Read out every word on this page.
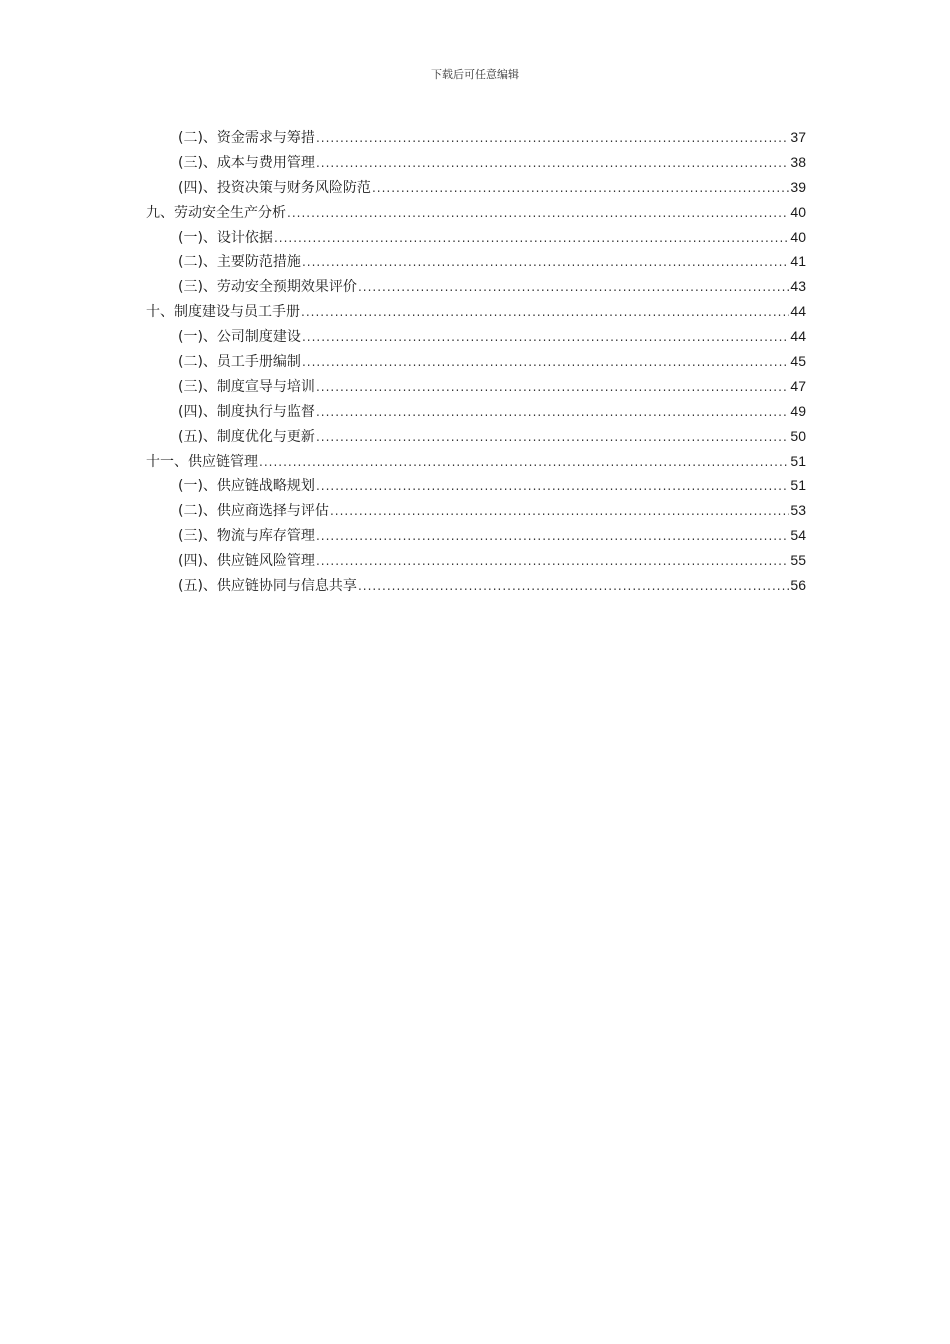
下载后可任意编辑
(二)、资金需求与筹措 .....	37
(三)、成本与费用管理 .....	38
(四)、投资决策与财务风险防范 .....	39
九、劳动安全生产分析 .....	40
(一)、设计依据 .....	40
(二)、主要防范措施 .....	41
(三)、劳动安全预期效果评价 .....	43
十、制度建设与员工手册 .....	44
(一)、公司制度建设 .....	44
(二)、员工手册编制 .....	45
(三)、制度宣导与培训 .....	47
(四)、制度执行与监督 .....	49
(五)、制度优化与更新 .....	50
十一、供应链管理 .....	51
(一)、供应链战略规划 .....	51
(二)、供应商选择与评估 .....	53
(三)、物流与库存管理 .....	54
(四)、供应链风险管理 .....	55
(五)、供应链协同与信息共享 .....	56
